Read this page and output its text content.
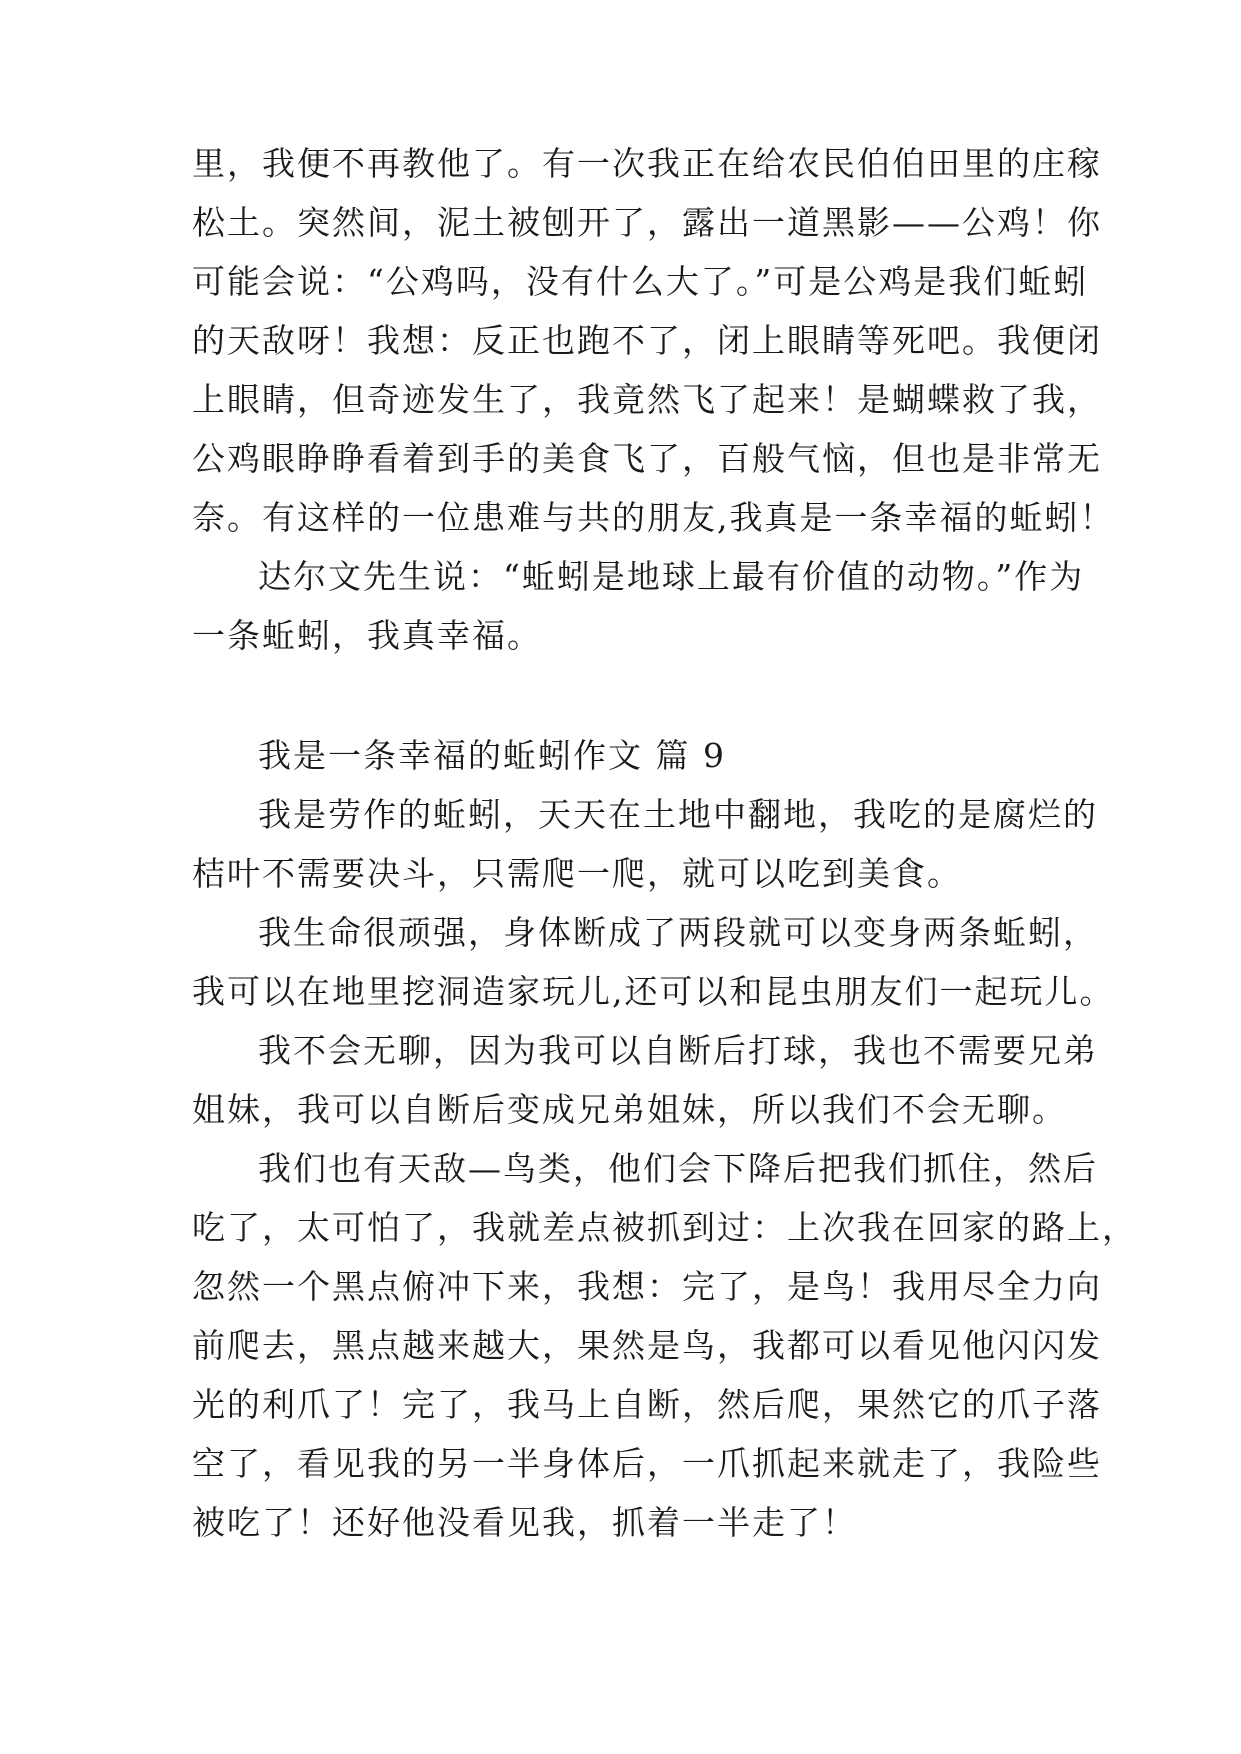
里，我便不再教他了。有一次我正在给农民伯伯田里的庄稼
松土。突然间，泥土被刨开了，露出一道黑影——公鸡！你
可能会说：“公鸡吗，没有什么大了。”可是公鸡是我们蚯蚓
的天敌呀！我想：反正也跑不了，闭上眼睛等死吧。我便闭
上眼睛，但奇迹发生了，我竟然飞了起来！是蝴蝶救了我，
公鸡眼睁睁看着到手的美食飞了，百般气恼，但也是非常无
奈。有这样的一位患难与共的朋友,我真是一条幸福的蚯蚓！
达尔文先生说：“蚯蚓是地球上最有价值的动物。”作为
一条蚯蚓，我真幸福。
我是一条幸福的蚯蚓作文 篇 9
我是劳作的蚯蚓，天天在土地中翻地，我吃的是腐烂的
桔叶不需要决斗，只需爬一爬，就可以吃到美食。
我生命很顽强，身体断成了两段就可以变身两条蚯蚓，
我可以在地里挖洞造家玩儿,还可以和昆虫朋友们一起玩儿。
我不会无聊，因为我可以自断后打球，我也不需要兄弟
姐妹，我可以自断后变成兄弟姐妹，所以我们不会无聊。
我们也有天敌—鸟类，他们会下降后把我们抓住，然后
吃了，太可怕了，我就差点被抓到过：上次我在回家的路上，
忽然一个黑点俯冲下来，我想：完了，是鸟！我用尽全力向
前爬去，黑点越来越大，果然是鸟，我都可以看见他闪闪发
光的利爪了！完了，我马上自断，然后爬，果然它的爪子落
空了，看见我的另一半身体后，一爪抓起来就走了，我险些
被吃了！还好他没看见我，抓着一半走了！
